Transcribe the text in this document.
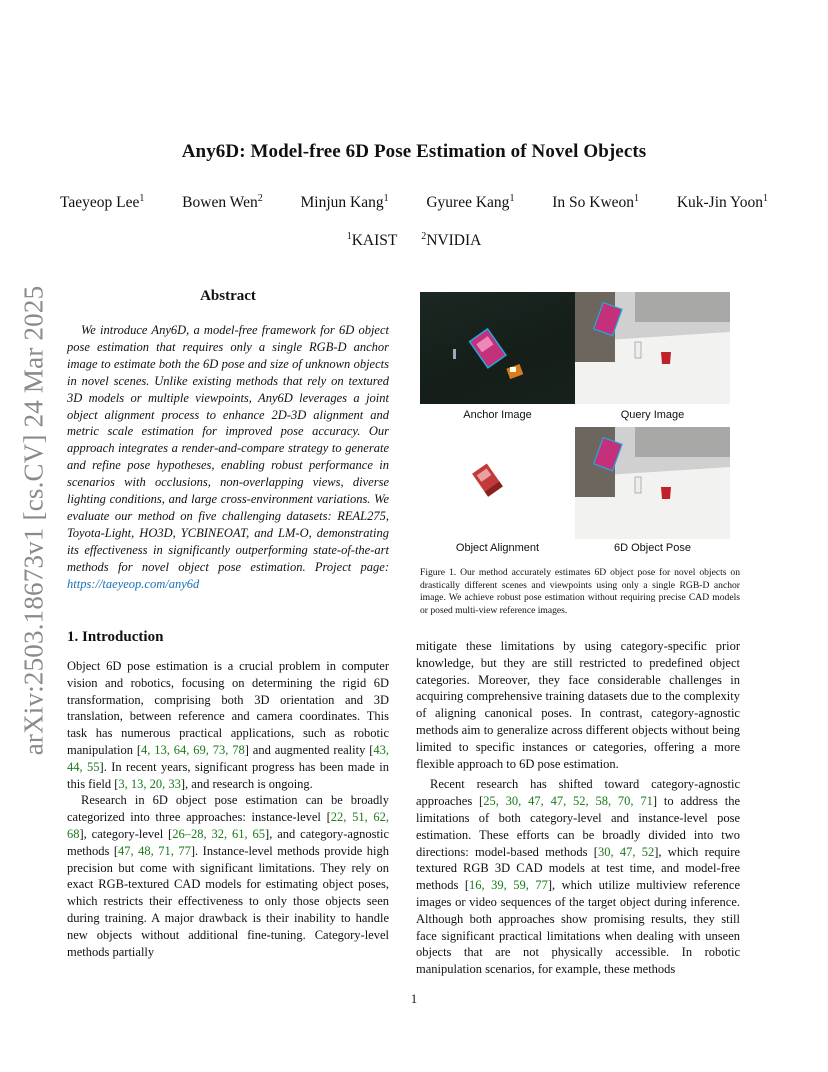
arXiv:2503.18673v1 [cs.CV] 24 Mar 2025
Any6D: Model-free 6D Pose Estimation of Novel Objects
Taeyeop Lee$^1$ Bowen Wen$^2$ Minjun Kang$^1$ Gyuree Kang$^1$ In So Kweon$^1$ Kuk-Jin Yoon$^1$
$^1$KAIST $^2$NVIDIA
Abstract
We introduce Any6D, a model-free framework for 6D object pose estimation that requires only a single RGB-D anchor image to estimate both the 6D pose and size of unknown objects in novel scenes. Unlike existing methods that rely on textured 3D models or multiple viewpoints, Any6D leverages a joint object alignment process to enhance 2D-3D alignment and metric scale estimation for improved pose accuracy. Our approach integrates a render-and-compare strategy to generate and refine pose hypotheses, enabling robust performance in scenarios with occlusions, non-overlapping views, diverse lighting conditions, and large cross-environment variations. We evaluate our method on five challenging datasets: REAL275, Toyota-Light, HO3D, YCBINEOAT, and LM-O, demonstrating its effectiveness in significantly outperforming state-of-the-art methods for novel object pose estimation. Project page: https://taeyeop.com/any6d
Anchor Image	Query Image
Object Alignment	6D Object Pose
Figure 1. Our method accurately estimates 6D object pose for novel objects on drastically different scenes and viewpoints using only a single RGB-D anchor image. We achieve robust pose estimation without requiring precise CAD models or posed multi-view reference images.
1. Introduction

Object 6D pose estimation is a crucial problem in computer vision and robotics, focusing on determining the rigid 6D transformation, comprising both 3D orientation and 3D translation, between reference and camera coordinates. This task has numerous practical applications, such as robotic manipulation [4, 13, 64, 69, 73, 78] and augmented reality [43, 44, 55]. In recent years, significant progress has been made in this field [3, 13, 20, 33], and research is ongoing.

Research in 6D object pose estimation can be broadly categorized into three approaches: instance-level [22, 51, 62, 68], category-level [26–28, 32, 61, 65], and category-agnostic methods [47, 48, 71, 77]. Instance-level methods provide high precision but come with significant limitations. They rely on exact RGB-textured CAD models for estimating object poses, which restricts their effectiveness to only those objects seen during training. A major drawback is their inability to handle new objects without additional fine-tuning. Category-level methods partially

mitigate these limitations by using category-specific prior knowledge, but they are still restricted to predefined object categories. Moreover, they face considerable challenges in acquiring comprehensive training datasets due to the complexity of aligning canonical poses. In contrast, category-agnostic methods aim to generalize across different objects without being limited to specific instances or categories, offering a more flexible approach to 6D pose estimation.

Recent research has shifted toward category-agnostic approaches [25, 30, 47, 47, 52, 58, 70, 71] to address the limitations of both category-level and instance-level pose estimation. These efforts can be broadly divided into two directions: model-based methods [30, 47, 52], which require textured RGB 3D CAD models at test time, and model-free methods [16, 39, 59, 77], which utilize multiview reference images or video sequences of the target object during inference. Although both approaches show promising results, they still face significant practical limitations when dealing with unseen objects that are not physically accessible. In robotic manipulation scenarios, for example, these methods

1
